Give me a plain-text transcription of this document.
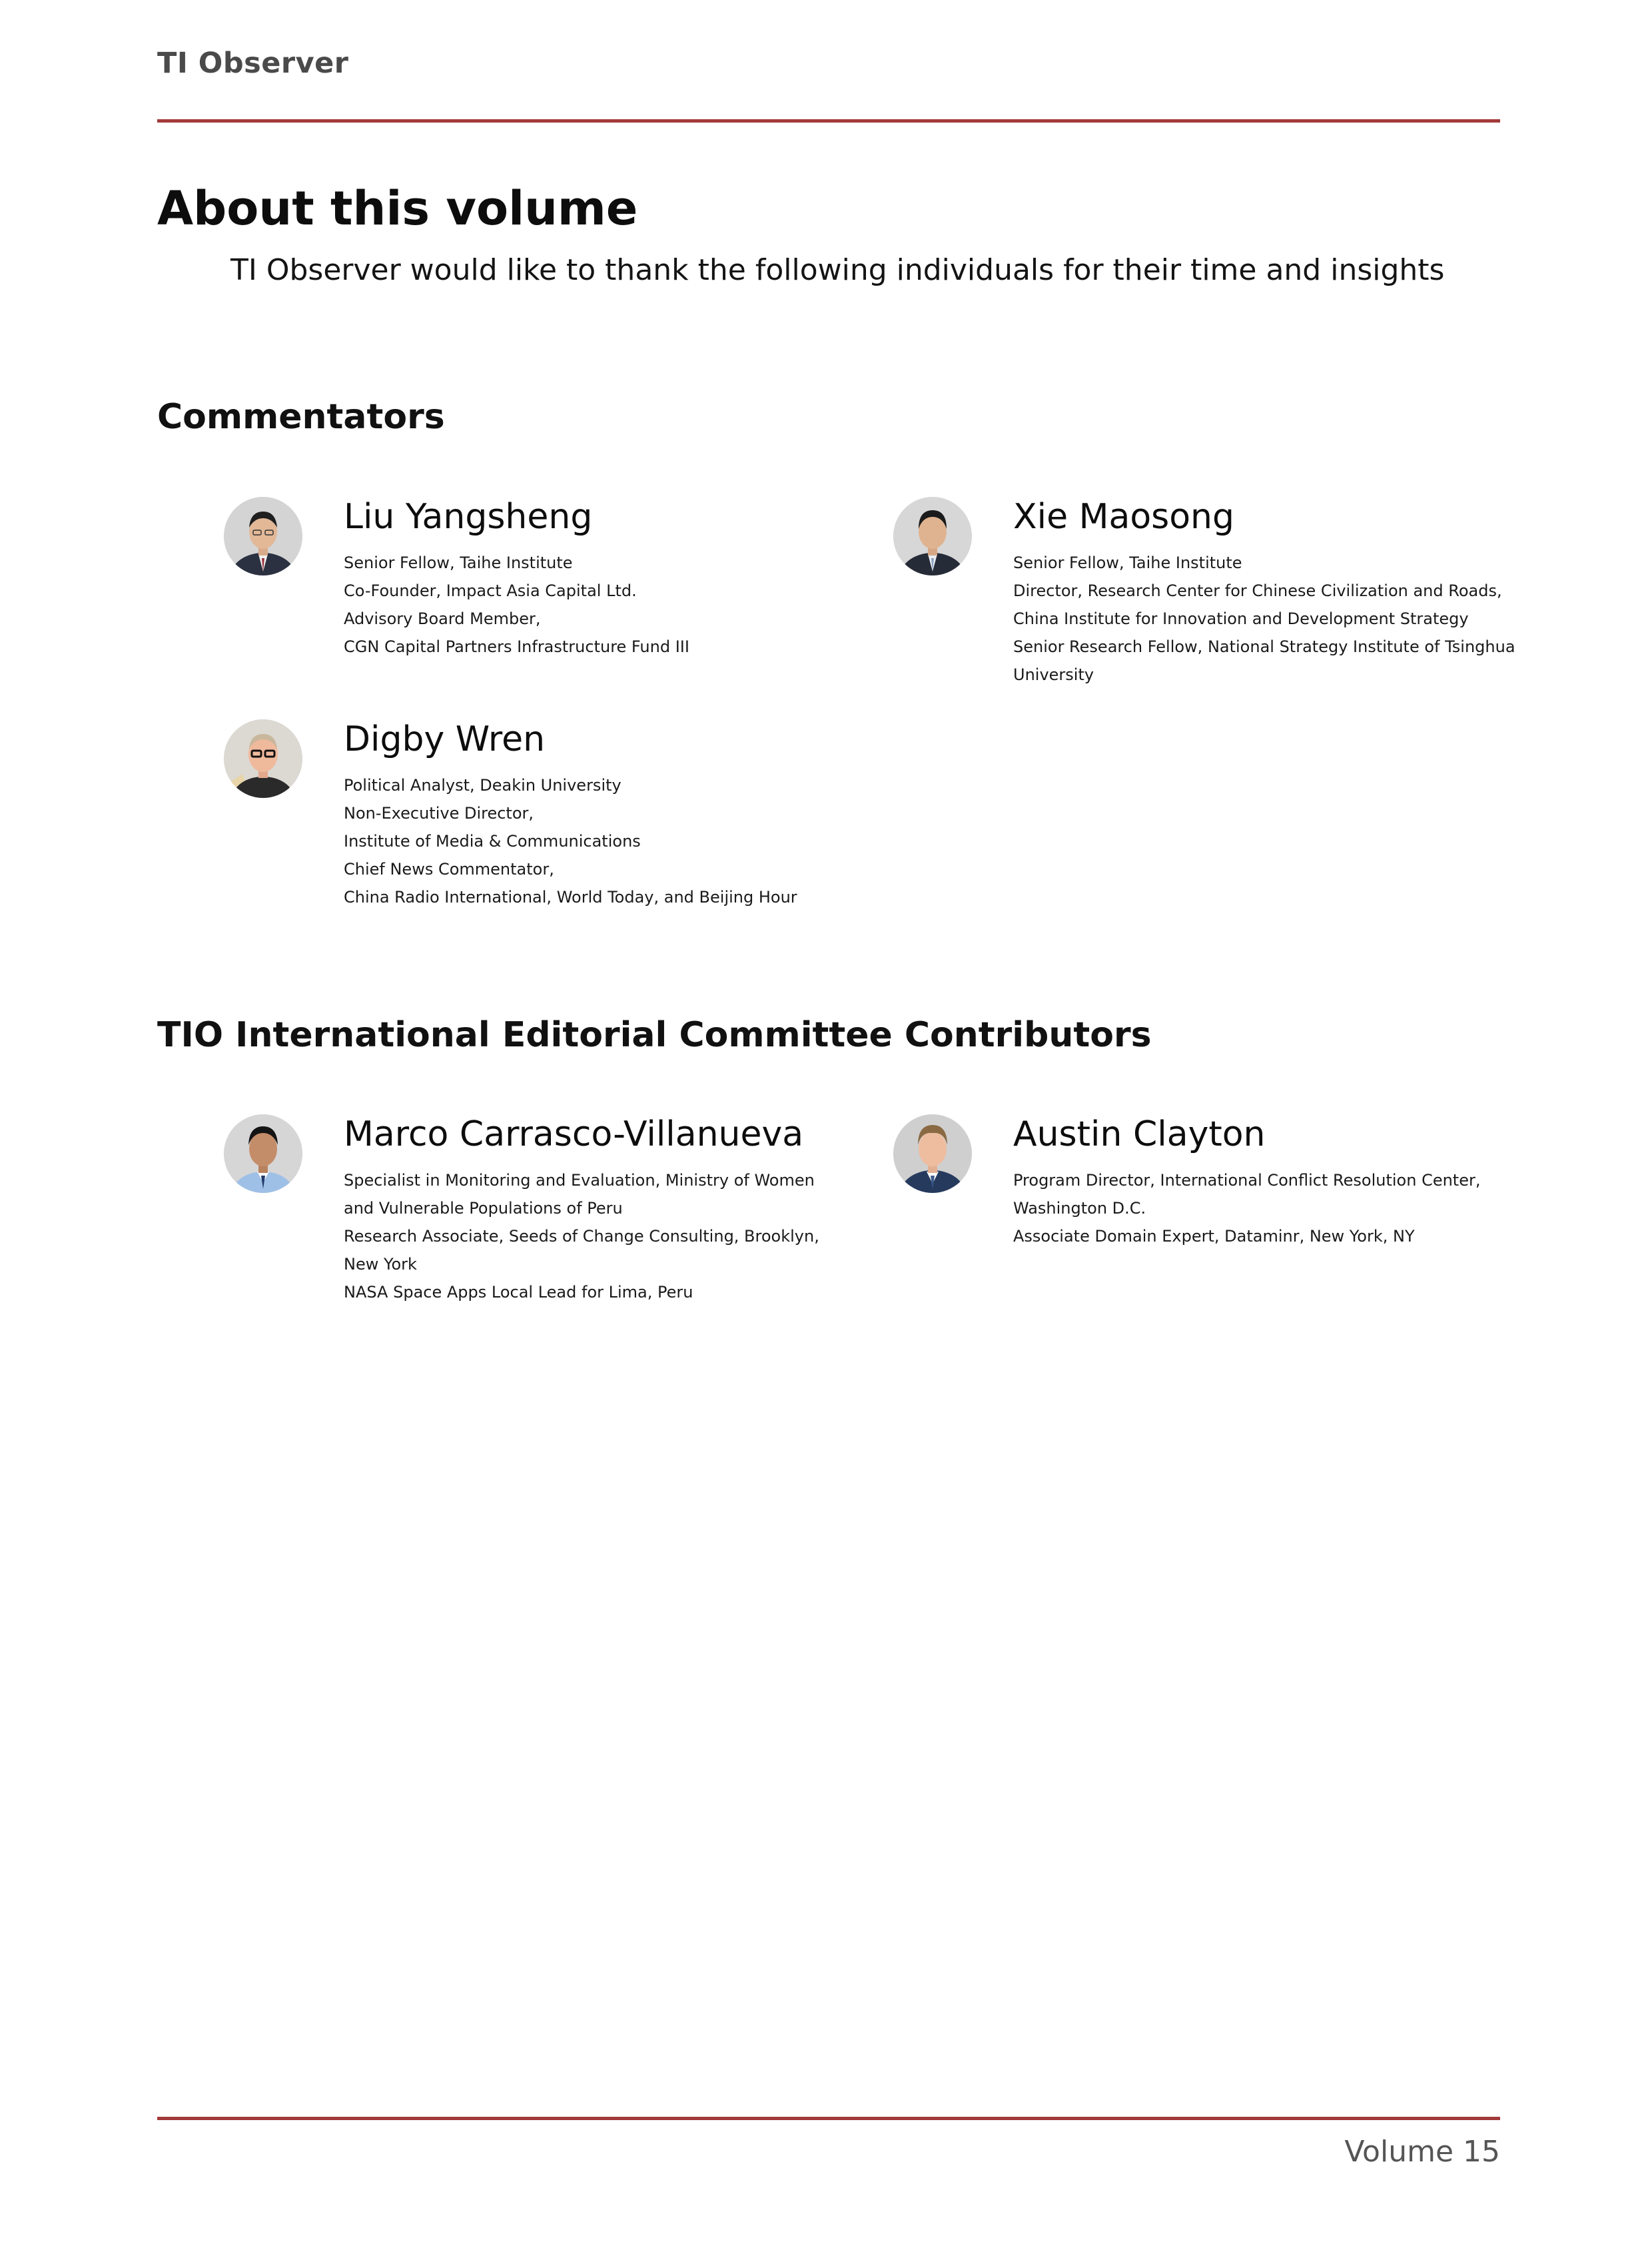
TI Observer
About this volume

TI Observer would like to thank the following individuals for their time and insights

Commentators
Liu Yangsheng
Senior Fellow, Taihe Institute
Co-Founder, Impact Asia Capital Ltd.
Advisory Board Member,
CGN Capital Partners Infrastructure Fund III
Xie Maosong
Senior Fellow, Taihe Institute
Director, Research Center for Chinese Civilization and Roads,
China Institute for Innovation and Development Strategy
Senior Research Fellow, National Strategy Institute of Tsinghua
University
Digby Wren
Political Analyst, Deakin University
Non-Executive Director,
Institute of Media & Communications
Chief News Commentator,
China Radio International, World Today, and Beijing Hour
TIO International Editorial Committee Contributors
Marco Carrasco-Villanueva
Specialist in Monitoring and Evaluation, Ministry of Women
and Vulnerable Populations of Peru
Research Associate, Seeds of Change Consulting, Brooklyn,
New York
NASA Space Apps Local Lead for Lima, Peru
Austin Clayton
Program Director, International Conflict Resolution Center,
Washington D.C.
Associate Domain Expert, Dataminr, New York, NY
Volume 15
